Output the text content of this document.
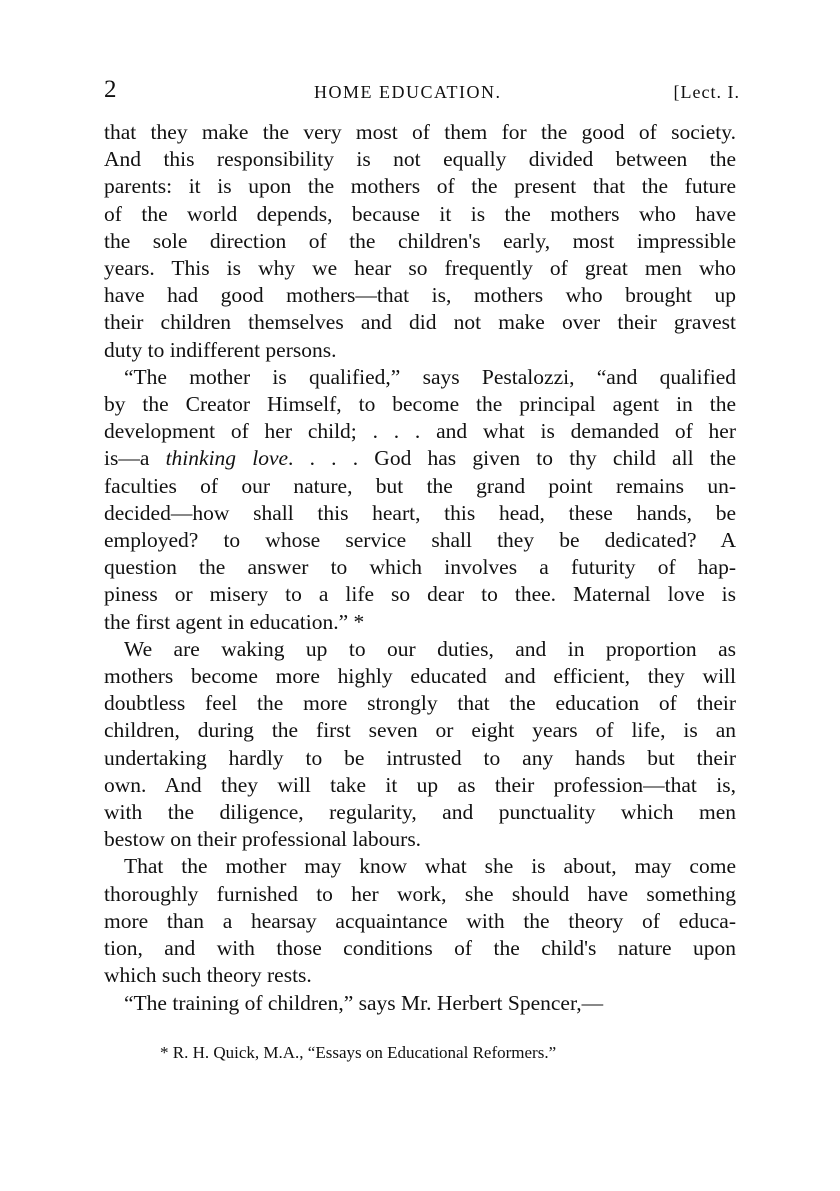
2	HOME EDUCATION.	[Lect. I.
that they make the very most of them for the good of society.
And this responsibility is not equally divided between the
parents: it is upon the mothers of the present that the future
of the world depends, because it is the mothers who have
the sole direction of the children's early, most impressible
years. This is why we hear so frequently of great men who
have had good mothers—that is, mothers who brought up
their children themselves and did not make over their gravest
duty to indifferent persons.
“The mother is qualified,” says Pestalozzi, “and qualified
by the Creator Himself, to become the principal agent in the
development of her child; . . . and what is demanded of her
is—a thinking love. . . . God has given to thy child all the
faculties of our nature, but the grand point remains un-
decided—how shall this heart, this head, these hands, be
employed? to whose service shall they be dedicated? A
question the answer to which involves a futurity of hap-
piness or misery to a life so dear to thee. Maternal love is
the first agent in education.” *
We are waking up to our duties, and in proportion as
mothers become more highly educated and efficient, they will
doubtless feel the more strongly that the education of their
children, during the first seven or eight years of life, is an
undertaking hardly to be intrusted to any hands but their
own. And they will take it up as their profession—that is,
with the diligence, regularity, and punctuality which men
bestow on their professional labours.
That the mother may know what she is about, may come
thoroughly furnished to her work, she should have something
more than a hearsay acquaintance with the theory of educa-
tion, and with those conditions of the child's nature upon
which such theory rests.
“The training of children,” says Mr. Herbert Spencer,—
* R. H. Quick, M.A., “Essays on Educational Reformers.”
